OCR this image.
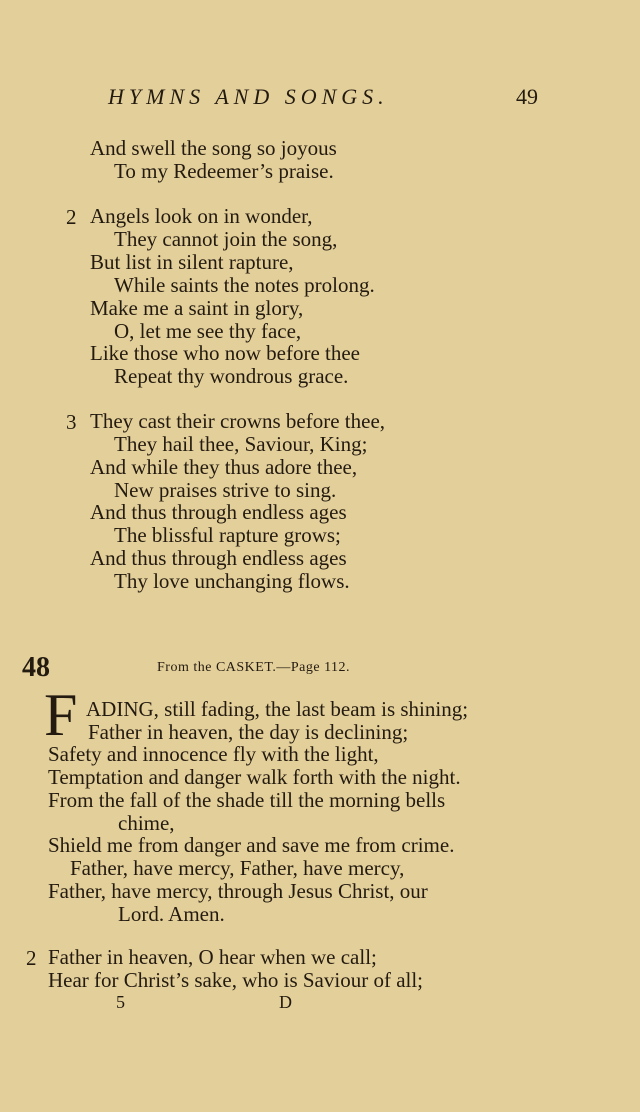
HYMNS AND SONGS.	49
And swell the song so joyous
To my Redeemer’s praise.
2 Angels look on in wonder,
They cannot join the song,
But list in silent rapture,
While saints the notes prolong.
Make me a saint in glory,
O, let me see thy face,
Like those who now before thee
Repeat thy wondrous grace.
3 They cast their crowns before thee,
They hail thee, Saviour, King;
And while they thus adore thee,
New praises strive to sing.
And thus through endless ages
The blissful rapture grows;
And thus through endless ages
Thy love unchanging flows.
48	From the CASKET.—Page 112.
F ADING, still fading, the last beam is shining;
Father in heaven, the day is declining;
Safety and innocence fly with the light,
Temptation and danger walk forth with the night.
From the fall of the shade till the morning bells
chime,
Shield me from danger and save me from crime.
Father, have mercy, Father, have mercy,
Father, have mercy, through Jesus Christ, our
Lord. Amen.
2 Father in heaven, O hear when we call;
Hear for Christ’s sake, who is Saviour of all;
5	D
